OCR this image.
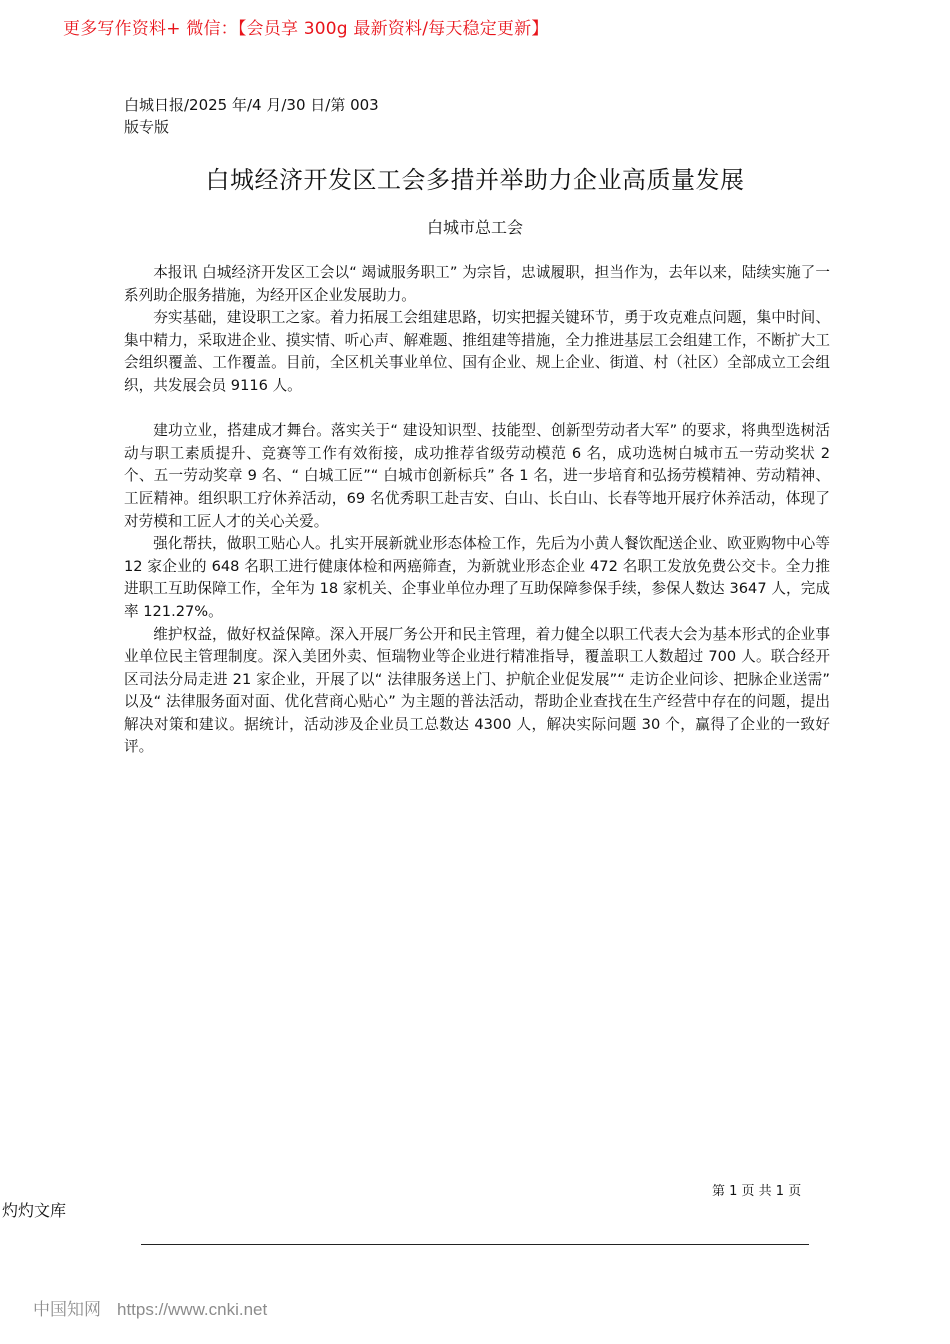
更多写作资料+ 微信：【会员享 300g 最新资料/每天稳定更新】
白城日报/2025 年/4 月/30 日/第 003 版专版
白城经济开发区工会多措并举助力企业高质量发展
白城市总工会

本报讯 白城经济开发区工会以“ 竭诚服务职工” 为宗旨，忠诚履职，担当作为，去年以来，陆续实施了一系列助企服务措施，为经开区企业发展助力。

夯实基础，建设职工之家。着力拓展工会组建思路，切实把握关键环节，勇于攻克难点问题，集中时间、集中精力，采取进企业、摸实情、听心声、解难题、推组建等措施，全力推进基层工会组建工作，不断扩大工会组织覆盖、工作覆盖。目前，全区机关事业单位、国有企业、规上企业、街道、村（社区）全部成立工会组织，共发展会员 9116 人。

建功立业，搭建成才舞台。落实关于“ 建设知识型、技能型、创新型劳动者大军” 的要求，将典型选树活动与职工素质提升、竞赛等工作有效衔接，成功推荐省级劳动模范 6 名，成功选树白城市五一劳动奖状 2 个、五一劳动奖章 9 名、“ 白城工匠”“ 白城市创新标兵” 各 1 名，进一步培育和弘扬劳模精神、劳动精神、工匠精神。组织职工疗休养活动，69 名优秀职工赴吉安、白山、长白山、长春等地开展疗休养活动，体现了对劳模和工匠人才的关心关爱。

强化帮扶，做职工贴心人。扎实开展新就业形态体检工作，先后为小黄人餐饮配送企业、欧亚购物中心等 12 家企业的 648 名职工进行健康体检和两癌筛查，为新就业形态企业 472 名职工发放免费公交卡。全力推进职工互助保障工作，全年为 18 家机关、企事业单位办理了互助保障参保手续，参保人数达 3647 人，完成率 121.27%。

维护权益，做好权益保障。深入开展厂务公开和民主管理，着力健全以职工代表大会为基本形式的企业事业单位民主管理制度。深入美团外卖、恒瑞物业等企业进行精准指导，覆盖职工人数超过 700 人。联合经开区司法分局走进 21 家企业，开展了以“ 法律服务送上门、护航企业促发展”“ 走访企业问诊、把脉企业送需” 以及“ 法律服务面对面、优化营商心贴心” 为主题的普法活动，帮助企业查找在生产经营中存在的问题，提出解决对策和建议。据统计，活动涉及企业员工总数达 4300 人，解决实际问题 30 个，赢得了企业的一致好评。

第 1 页 共 1 页
灼灼文库
中国知网 https://www.cnki.net
